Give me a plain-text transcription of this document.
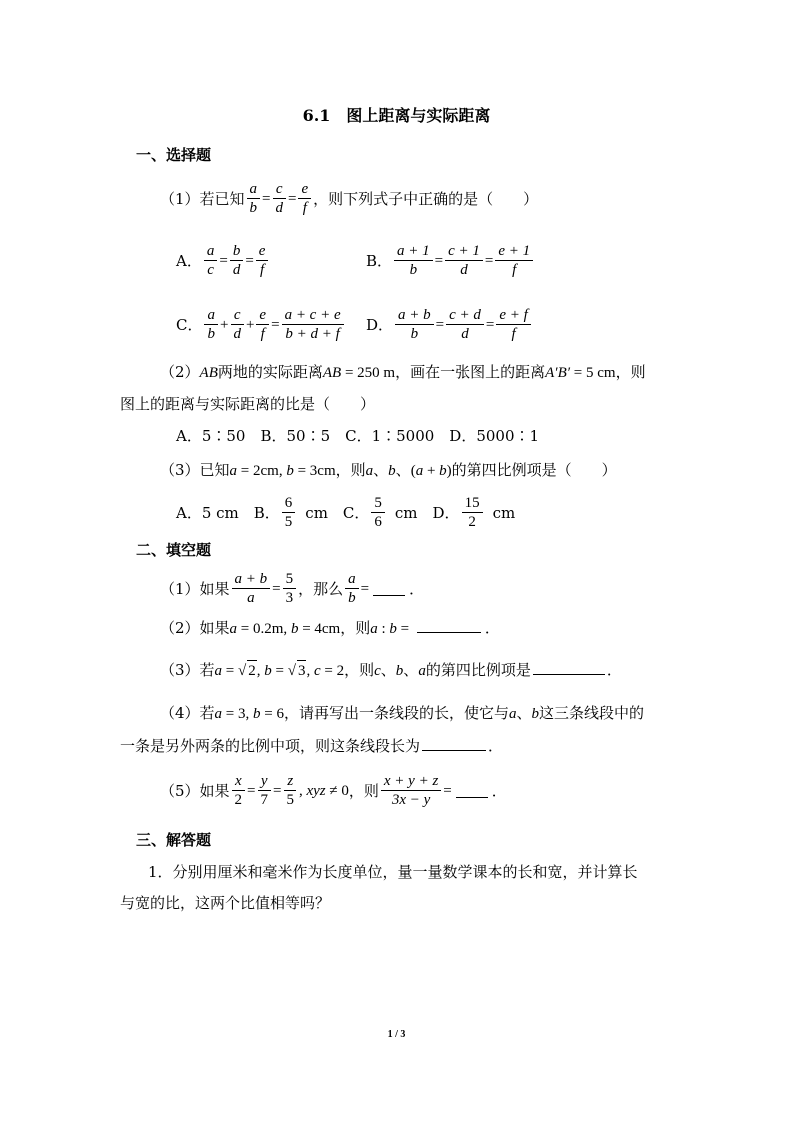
6.1　图上距离与实际距离
一、选择题
（1）若已知 $\frac{a}{b} = \frac{c}{d} = \frac{e}{f}$ ，则下列式子中正确的是（　　）
A． $\frac{a}{c} = \frac{b}{d} = \frac{e}{f}$	B． $\frac{a + 1}{b} = \frac{c + 1}{d} = \frac{e + 1}{f}$
C． $\frac{a}{b} + \frac{c}{d} + \frac{e}{f} = \frac{a + c + e}{b + d + f}$ D． $\frac{a + b}{b} = \frac{c + d}{d} = \frac{e + f}{f}$
（2）AB两地的实际距离AB = 250 m，画在一张图上的距离A′B′ = 5 cm，则
图上的距离与实际距离的比是（　　）
A．5∶50　B．50∶5　C．1∶5000　D．5000∶1
（3）已知a = 2cm, b = 3cm，则a、b、(a + b)的第四比例项是（　　）
A．5 cm　B． $\frac{6}{5}$ cm　C． $\frac{5}{6}$ cm　D． $\frac{15}{2}$ cm
二、填空题
（1）如果 $\frac{a + b}{a} = \frac{5}{3}$ ，那么 $\frac{a}{b}$ =	．
（2）如果a = 0.2m, b = 4cm，则a : b =	．
（3）若a = √ 2, b = √ 3, c = 2，则c、b、a的第四比例项是	．
（4）若a = 3, b = 6，请再写出一条线段的长，使它与a、b这三条线段中的
一条是另外两条的比例中项，则这条线段长为	．
（5）如果 $\frac{x}{2} = \frac{y}{7} = \frac{z}{5}$ , xyz ≠ 0 ，则 $\frac{x + y + z}{3x - y}$ =	．
三、解答题
1．分别用厘米和毫米作为长度单位，量一量数学课本的长和宽，并计算长
与宽的比，这两个比值相等吗？
1 / 3
